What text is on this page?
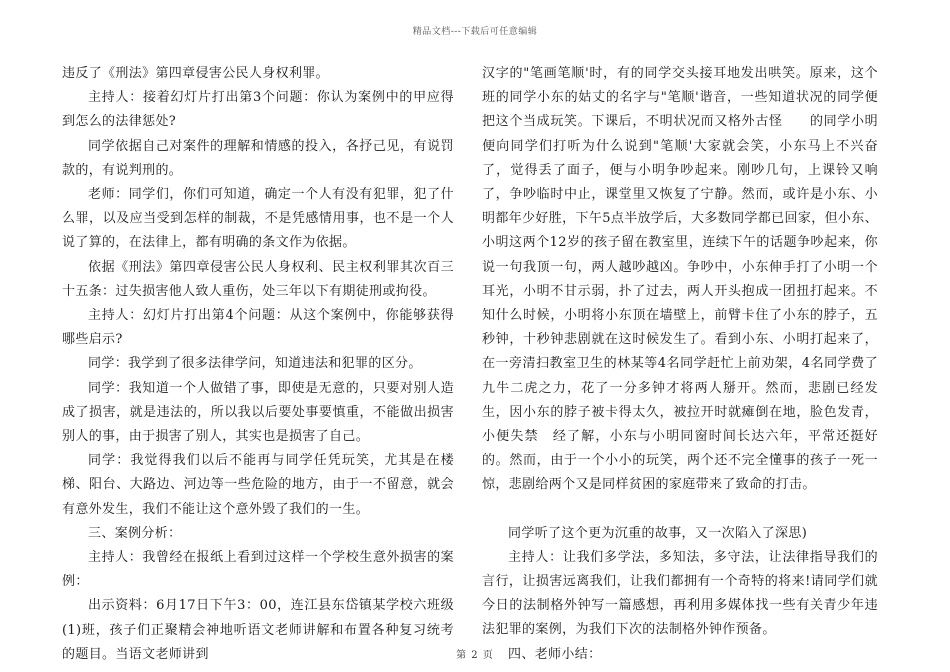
精品文档---下载后可任意编辑

违反了《刑法》第四章侵害公民人身权利罪。

主持人：接着幻灯片打出第3个问题：你认为案例中的甲应得到怎么的法律惩处?

同学依据自己对案件的理解和情感的投入，各抒己见，有说罚款的，有说判刑的。

老师：同学们，你们可知道，确定一个人有没有犯罪，犯了什么罪，以及应当受到怎样的制裁，不是凭感情用事，也不是一个人说了算的，在法律上，都有明确的条文作为依据。

依据《刑法》第四章侵害公民人身权利、民主权利罪其次百三十五条：过失损害他人致人重伤，处三年以下有期徒刑或拘役。

主持人：幻灯片打出第4个问题：从这个案例中，你能够获得哪些启示?

同学：我学到了很多法律学问，知道违法和犯罪的区分。

同学：我知道一个人做错了事，即使是无意的，只要对别人造成了损害，就是违法的，所以我以后要处事要慎重，不能做出损害别人的事，由于损害了别人，其实也是损害了自己。

同学：我觉得我们以后不能再与同学任凭玩笑，尤其是在楼梯、阳台、大路边、河边等一些危险的地方，由于一不留意，就会有意外发生，我们不能让这个意外毁了我们的一生。

三、案例分析：

主持人：我曾经在报纸上看到过这样一个学校生意外损害的案例：

出示资料：6月17日下午3：00，连江县东岱镇某学校六班级(1)班，孩子们正聚精会神地听语文老师讲解和布置各种复习统考的题目。当语文老师讲到

汉字的"笔画笔顺'时，有的同学交头接耳地发出哄笑。原来，这个班的同学小东的姑丈的名字与"笔顺'谐音，一些知道状况的同学便把这个当成玩笑。下课后，不明状况而又格外古怪　　的同学小明便向同学们打听为什么说到"笔顺'大家就会笑，小东马上不兴奋了，觉得丢了面子，便与小明争吵起来。刚吵几句，上课铃又响了，争吵临时中止，课堂里又恢复了宁静。然而，或许是小东、小明都年少好胜，下午5点半放学后，大多数同学都已回家，但小东、小明这两个12岁的孩子留在教室里，连续下午的话题争吵起来，你说一句我顶一句，两人越吵越凶。争吵中，小东伸手打了小明一个耳光，小明不甘示弱，扑了过去，两人开头抱成一团扭打起来。不知什么时候，小明将小东顶在墙壁上，前臂卡住了小东的脖子，五秒钟，十秒钟悲剧就在这时候发生了。看到小东、小明打起来了，在一旁清扫教室卫生的林某等4名同学赶忙上前劝架，4名同学费了九牛二虎之力，花了一分多钟才将两人掰开。然而，悲剧已经发生，因小东的脖子被卡得太久，被拉开时就瘫倒在地，脸色发青，小便失禁　经了解，小东与小明同窗时间长达六年，平常还挺好的。然而，由于一个小小的玩笑，两个还不完全懂事的孩子一死一惊，悲剧给两个又是同样贫困的家庭带来了致命的打击。

同学听了这个更为沉重的故事，又一次陷入了深思)

主持人：让我们多学法，多知法，多守法，让法律指导我们的言行，让损害远离我们，让我们都拥有一个奇特的将来!请同学们就今日的法制格外钟写一篇感想，再利用多媒体找一些有关青少年违法犯罪的案例，为我们下次的法制格外钟作预备。

四、老师小结：

第 2 页
